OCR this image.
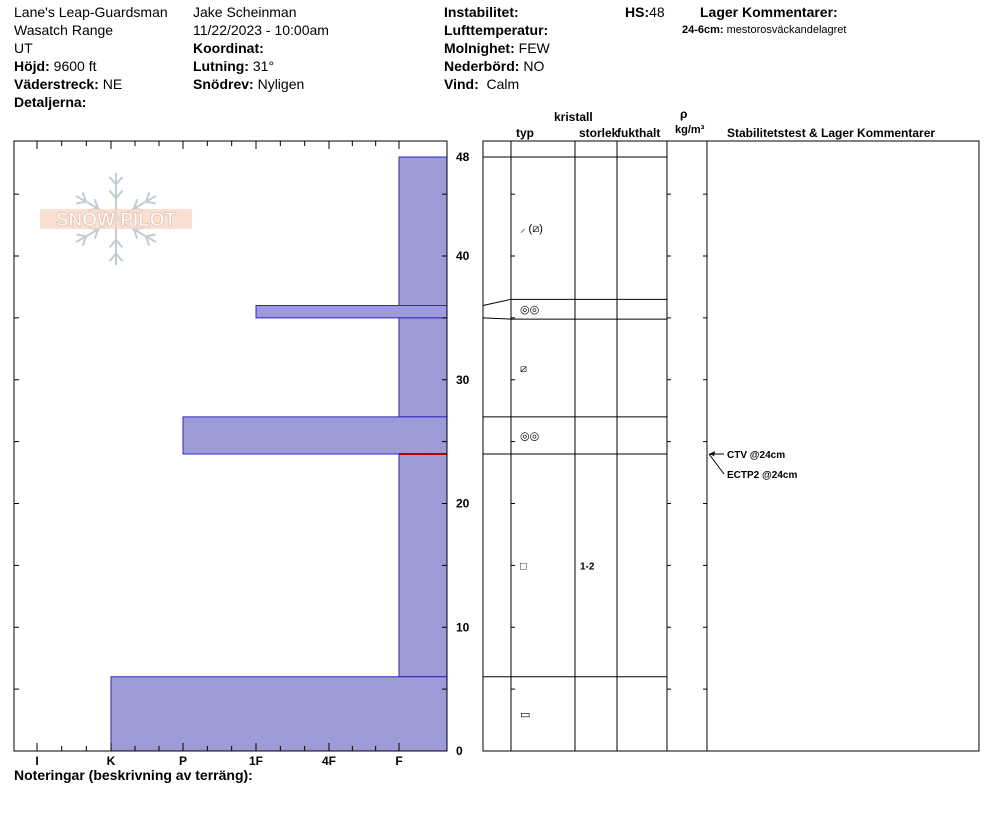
Lane's Leap-Guardsman
Wasatch Range
UT
Höjd: 9600 ft
Väderstreck: NE
Detaljerna:
Jake Scheinman
11/22/2023 - 10:00am
Koordinat:
Lutning: 31°
Snödrev: Nyligen
Instabilitet:
Lufttemperatur:
Molnighet: FEW
Nederbörd: NO
Vind: Calm
HS:48	Lager Kommentarer:
24-6cm: mestorosväckandelagret
kristall
typ	storlek
fukthalt
ρ
kg/m³ Stabilitetstest & Lager Kommentarer
SNOW PILOT
0
10
20
30
40
48
I	K	P	1F	4F	F
⸝ (⧄)
◎◎
⧄
◎◎
□	1-2
▭
CTV @24cm
ECTP2 @24cm
Noteringar (beskrivning av terräng):
